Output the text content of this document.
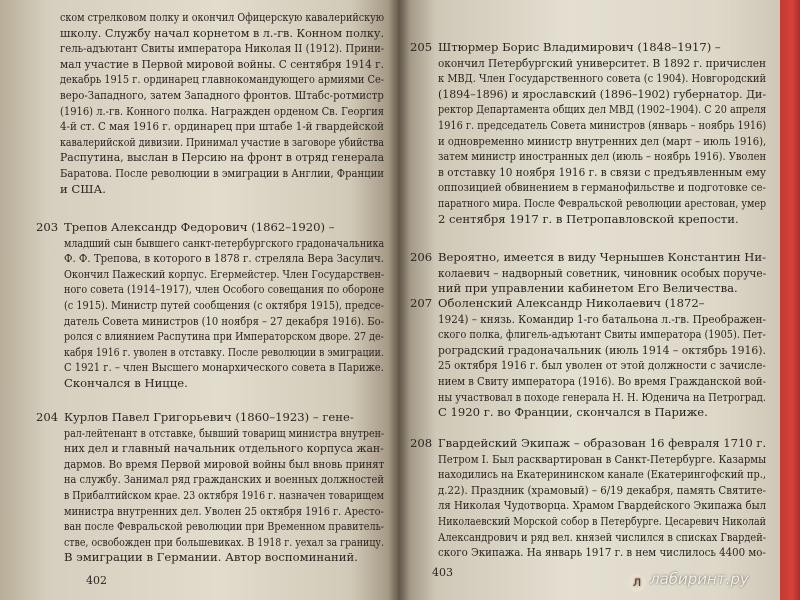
ском стрелковом полку и окончил Офицерскую кавалерийскую
школу. Службу начал корнетом в л.-гв. Конном полку.
гель-адъютант Свиты императора Николая II (1912). Прини-
мал участие в Первой мировой войны. С сентября 1914 г.
декабрь 1915 г. ординарец главнокомандующего армиями Се-
веро-Западного, затем Западного фронтов. Штабс-ротмистр
(1916) л.-гв. Конного полка. Награжден орденом Св. Георгия
4-й ст. С мая 1916 г. ординарец при штабе 1-й гвардейской
кавалерийской дивизии. Принимал участие в заговоре убийства
Распутина, выслан в Персию на фронт в отряд генерала
Баратова. После революции в эмиграции в Англии, Франции
и США.
203 Трепов Александр Федорович (1862–1920) –
младший сын бывшего санкт-петербургского градоначальника
Ф. Ф. Трепова, в которого в 1878 г. стреляла Вера Засулич.
Окончил Пажеский корпус. Егермейстер. Член Государствен-
ного совета (1914–1917), член Особого совещания по обороне
(с 1915). Министр путей сообщения (с октября 1915), предсе-
датель Совета министров (10 ноября – 27 декабря 1916). Бо-
ролся с влиянием Распутина при Императорском дворе. 27 де-
кабря 1916 г. уволен в отставку. После революции в эмиграции.
С 1921 г. – член Высшего монархического совета в Париже.
Скончался в Ницце.
204 Курлов Павел Григорьевич (1860–1923) – гене-
рал-лейтенант в отставке, бывший товарищ министра внутрен-
них дел и главный начальник отдельного корпуса жан-
дармов. Во время Первой мировой войны был вновь принят
на службу. Занимал ряд гражданских и военных должностей
в Прибалтийском крае. 23 октября 1916 г. назначен товарищем
министра внутренних дел. Уволен 25 октября 1916 г. Аресто-
ван после Февральской революции при Временном правитель-
стве, освобожден при большевиках. В 1918 г. уехал за границу.
В эмиграции в Германии. Автор воспоминаний.
402
205 Штюрмер Борис Владимирович (1848–1917) –
окончил Петербургский университет. В 1892 г. причислен
к МВД. Член Государственного совета (с 1904). Новгородский
(1894–1896) и ярославский (1896–1902) губернатор. Ди-
ректор Департамента общих дел МВД (1902–1904). С 20 апреля
1916 г. председатель Совета министров (январь – ноябрь 1916)
и одновременно министр внутренних дел (март – июль 1916),
затем министр иностранных дел (июль – ноябрь 1916). Уволен
в отставку 10 ноября 1916 г. в связи с предъявленным ему
оппозицией обвинением в германофильстве и подготовке се-
паратного мира. После Февральской революции арестован, умер
2 сентября 1917 г. в Петропавловской крепости.
206 Вероятно, имеется в виду Чернышев Константин Ни-
колаевич – надворный советник, чиновник особых поруче-
ний при управлении кабинетом Его Величества.
207 Оболенский Александр Николаевич (1872–
1924) – князь. Командир 1-го батальона л.-гв. Преображен-
ского полка, флигель-адъютант Свиты императора (1905). Пет-
роградский градоначальник (июль 1914 – октябрь 1916).
25 октября 1916 г. был уволен от этой должности с зачисле-
нием в Свиту императора (1916). Во время Гражданской вой-
ны участвовал в походе генерала Н. Н. Юденича на Петроград.
С 1920 г. во Франции, скончался в Париже.
208 Гвардейский Экипаж – образован 16 февраля 1710 г.
Петром I. Был расквартирован в Санкт-Петербурге. Казармы
находились на Екатерининском канале (Екатерингофский пр.,
д.22). Праздник (храмовый) – 6/19 декабря, память Святите-
ля Николая Чудотворца. Храмом Гвардейского Экипажа был
Николаевский Морской собор в Петербурге. Цесаревич Николай
Александрович и ряд вел. князей числился в списках Гвардей-
ского Экипажа. На январь 1917 г. в нем числилось 4400 мо-
403
л лабиринт.ру
